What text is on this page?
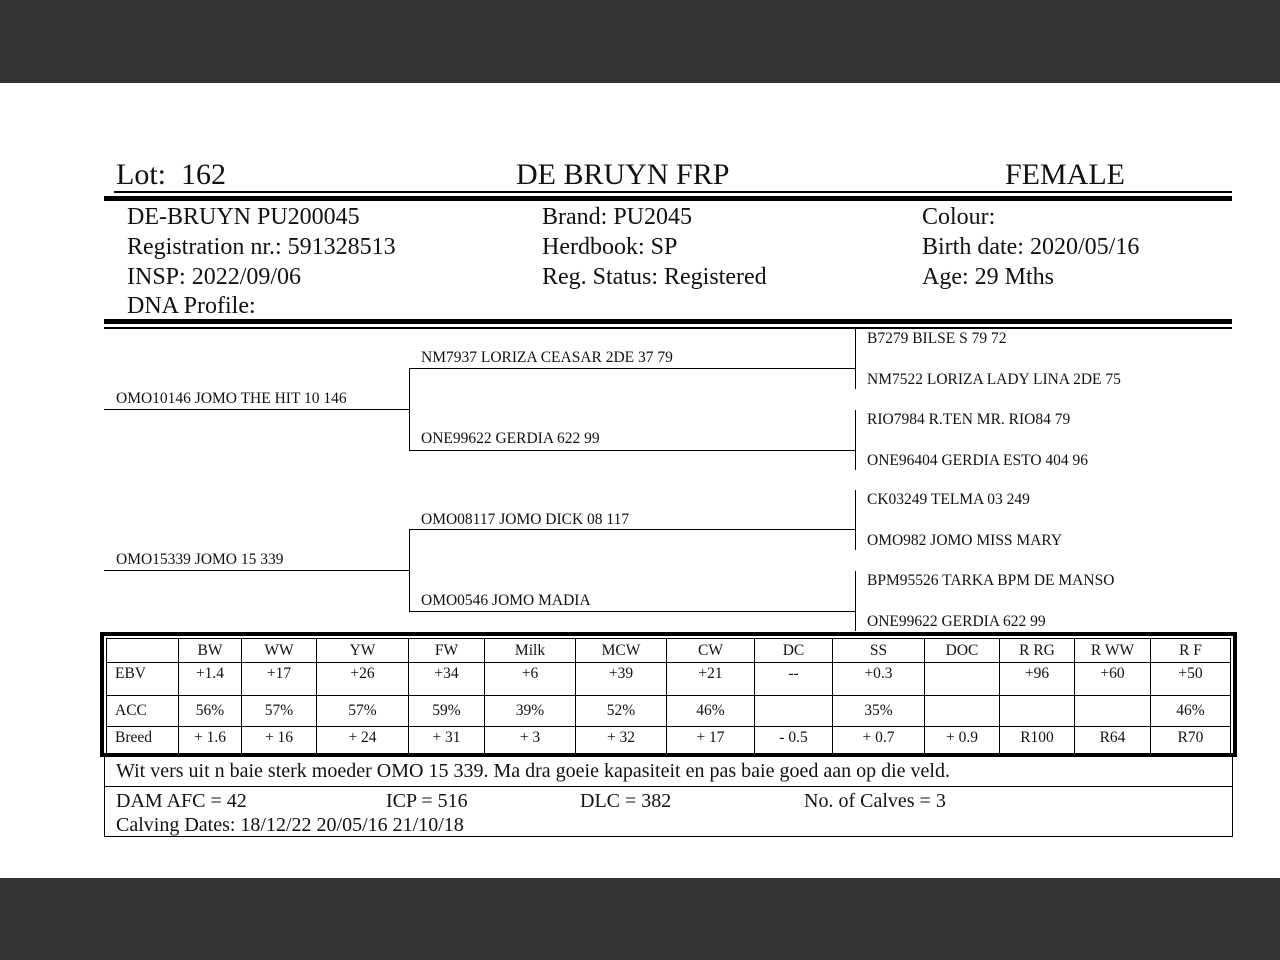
Lot: 162	DE BRUYN FRP	FEMALE
DE-BRUYN PU200045
Registration nr.: 591328513
INSP: 2022/09/06
DNA Profile:
Brand: PU2045
Herdbook: SP
Reg. Status: Registered
Colour:
Birth date: 2020/05/16
Age: 29 Mths
OMO10146 JOMO THE HIT 10 146
OMO15339 JOMO 15 339
NM7937 LORIZA CEASAR 2DE 37 79
ONE99622 GERDIA 622 99
OMO08117 JOMO DICK 08 117
OMO0546 JOMO MADIA
B7279 BILSE S 79 72
NM7522 LORIZA LADY LINA 2DE 75
RIO7984 R.TEN MR. RIO84 79
ONE96404 GERDIA ESTO 404 96
CK03249 TELMA 03 249
OMO982 JOMO MISS MARY
BPM95526 TARKA BPM DE MANSO
ONE99622 GERDIA 622 99
	BW	WW	YW	FW	Milk	MCW	CW	DC	SS	DOC	R RG	R WW	R F
EBV	+1.4	+17	+26	+34	+6	+39	+21	--	+0.3		+96	+60	+50
ACC	56%	57%	57%	59%	39%	52%	46%		35%				46%
Breed	+ 1.6	+ 16	+ 24	+ 31	+ 3	+ 32	+ 17	- 0.5	+ 0.7	+ 0.9	R100	R64	R70
Wit vers uit n baie sterk moeder OMO 15 339. Ma dra goeie kapasiteit en pas baie goed aan op die veld.
DAM AFC = 42	ICP = 516	DLC = 382	No. of Calves = 3
Calving Dates: 18/12/22 20/05/16 21/10/18
